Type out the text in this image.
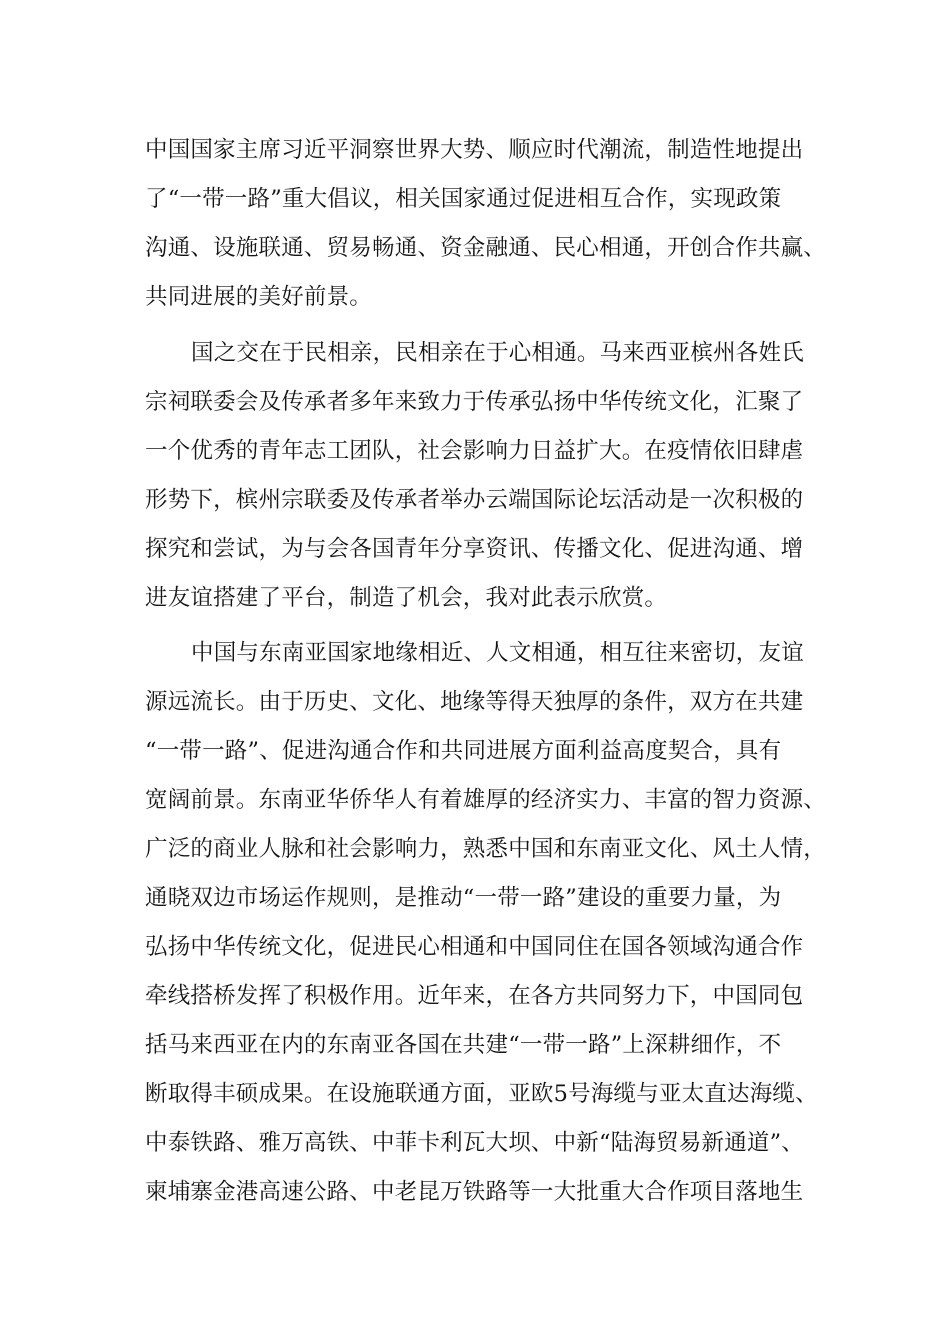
中国国家主席习近平洞察世界大势、顺应时代潮流，制造性地提出
了“一带一路”重大倡议，相关国家通过促进相互合作，实现政策
沟通、设施联通、贸易畅通、资金融通、民心相通，开创合作共赢、
共同进展的美好前景。
国之交在于民相亲，民相亲在于心相通。马来西亚槟州各姓氏
宗祠联委会及传承者多年来致力于传承弘扬中华传统文化，汇聚了
一个优秀的青年志工团队，社会影响力日益扩大。在疫情依旧肆虐
形势下，槟州宗联委及传承者举办云端国际论坛活动是一次积极的
探究和尝试，为与会各国青年分享资讯、传播文化、促进沟通、增
进友谊搭建了平台，制造了机会，我对此表示欣赏。
中国与东南亚国家地缘相近、人文相通，相互往来密切，友谊
源远流长。由于历史、文化、地缘等得天独厚的条件，双方在共建
“一带一路”、促进沟通合作和共同进展方面利益高度契合，具有
宽阔前景。东南亚华侨华人有着雄厚的经济实力、丰富的智力资源、
广泛的商业人脉和社会影响力，熟悉中国和东南亚文化、风土人情，
通晓双边市场运作规则，是推动“一带一路”建设的重要力量，为
弘扬中华传统文化，促进民心相通和中国同住在国各领域沟通合作
牵线搭桥发挥了积极作用。近年来，在各方共同努力下，中国同包
括马来西亚在内的东南亚各国在共建“一带一路”上深耕细作，不
断取得丰硕成果。在设施联通方面，亚欧5号海缆与亚太直达海缆、
中泰铁路、雅万高铁、中菲卡利瓦大坝、中新“陆海贸易新通道”、
柬埔寨金港高速公路、中老昆万铁路等一大批重大合作项目落地生
